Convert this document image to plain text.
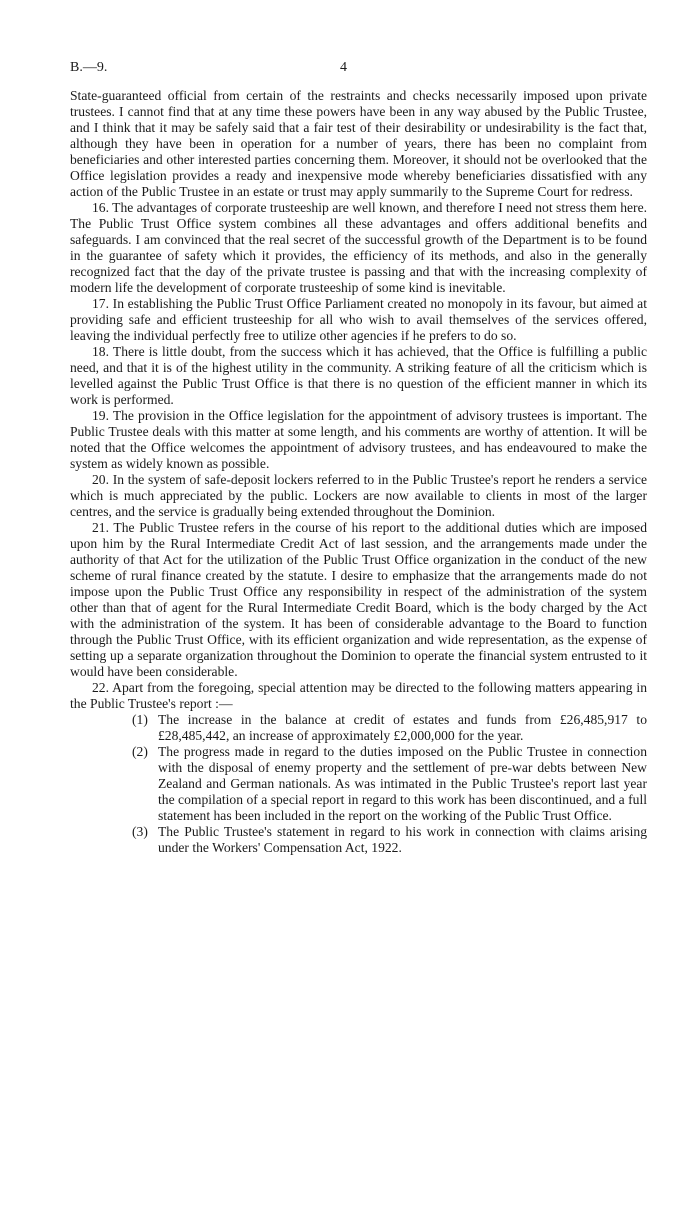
B.—9.	4

State-guaranteed official from certain of the restraints and checks necessarily imposed upon private trustees. I cannot find that at any time these powers have been in any way abused by the Public Trustee, and I think that it may be safely said that a fair test of their desirability or undesirability is the fact that, although they have been in operation for a number of years, there has been no complaint from beneficiaries and other interested parties concerning them. Moreover, it should not be overlooked that the Office legislation provides a ready and inexpensive mode whereby beneficiaries dissatisfied with any action of the Public Trustee in an estate or trust may apply summarily to the Supreme Court for redress.

16. The advantages of corporate trusteeship are well known, and therefore I need not stress them here. The Public Trust Office system combines all these advantages and offers additional benefits and safeguards. I am convinced that the real secret of the successful growth of the Department is to be found in the guarantee of safety which it provides, the efficiency of its methods, and also in the generally recognized fact that the day of the private trustee is passing and that with the increasing complexity of modern life the development of corporate trusteeship of some kind is inevitable.

17. In establishing the Public Trust Office Parliament created no monopoly in its favour, but aimed at providing safe and efficient trusteeship for all who wish to avail themselves of the services offered, leaving the individual perfectly free to utilize other agencies if he prefers to do so.

18. There is little doubt, from the success which it has achieved, that the Office is fulfilling a public need, and that it is of the highest utility in the community. A striking feature of all the criticism which is levelled against the Public Trust Office is that there is no question of the efficient manner in which its work is performed.

19. The provision in the Office legislation for the appointment of advisory trustees is important. The Public Trustee deals with this matter at some length, and his comments are worthy of attention. It will be noted that the Office welcomes the appointment of advisory trustees, and has endeavoured to make the system as widely known as possible.

20. In the system of safe-deposit lockers referred to in the Public Trustee's report he renders a service which is much appreciated by the public. Lockers are now available to clients in most of the larger centres, and the service is gradually being extended throughout the Dominion.

21. The Public Trustee refers in the course of his report to the additional duties which are imposed upon him by the Rural Intermediate Credit Act of last session, and the arrangements made under the authority of that Act for the utilization of the Public Trust Office organization in the conduct of the new scheme of rural finance created by the statute. I desire to emphasize that the arrangements made do not impose upon the Public Trust Office any responsibility in respect of the administration of the system other than that of agent for the Rural Intermediate Credit Board, which is the body charged by the Act with the administration of the system. It has been of considerable advantage to the Board to function through the Public Trust Office, with its efficient organization and wide representation, as the expense of setting up a separate organization throughout the Dominion to operate the financial system entrusted to it would have been considerable.

22. Apart from the foregoing, special attention may be directed to the following matters appearing in the Public Trustee's report :—

(1) The increase in the balance at credit of estates and funds from £26,485,917 to £28,485,442, an increase of approximately £2,000,000 for the year.
(2) The progress made in regard to the duties imposed on the Public Trustee in connection with the disposal of enemy property and the settlement of pre-war debts between New Zealand and German nationals. As was intimated in the Public Trustee's report last year the compilation of a special report in regard to this work has been discontinued, and a full statement has been included in the report on the working of the Public Trust Office.
(3) The Public Trustee's statement in regard to his work in connection with claims arising under the Workers' Compensation Act, 1922.
